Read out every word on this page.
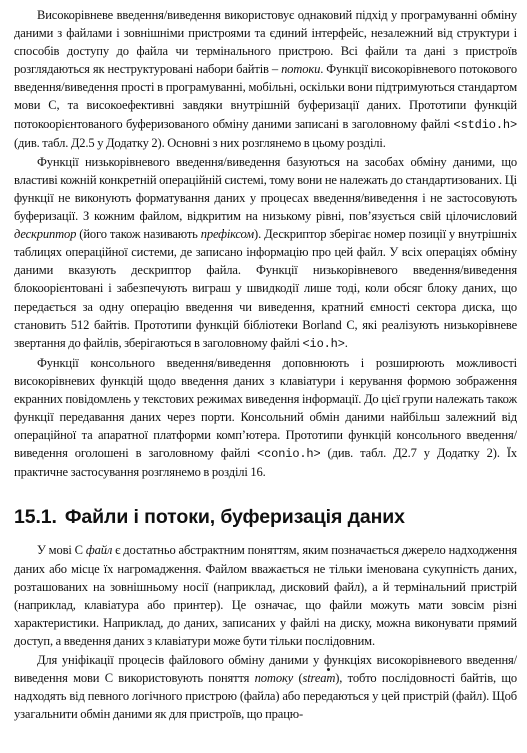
Високорівневе введення/виведення використовує однаковий підхід у програмуванні обміну даними з файлами і зовнішніми пристроями та єдиний інтерфейс, незалежний від структури і способів доступу до файла чи термінального пристрою. Всі файли та дані з пристроїв розглядаються як неструктуровані набори байтів – потоки. Функції високорівневого потокового введення/виведення прості в програмуванні, мобільні, оскільки вони підтримуються стандартом мови С, та високоефективні завдяки внутрішній буферизації даних. Прототипи функцій потокоорієнтованого буферизованого обміну даними записані в заголовному файлі <stdio.h> (див. табл. Д2.5 у Додатку 2). Основні з них розглянемо в цьому розділі.

Функції низькорівневого введення/виведення базуються на засобах обміну даними, що властиві кожній конкретній операційній системі, тому вони не належать до стандартизованих. Ці функції не виконують форматування даних у процесах введення/виведення і не застосовують буферизації. З кожним файлом, відкритим на низькому рівні, пов’язується свій цілочисловий дескриптор (його також називають префіксом). Дескриптор зберігає номер позиції у внутрішніх таблицях операційної системи, де записано інформацію про цей файл. У всіх операціях обміну даними вказують дескриптор файла. Функції низькорівневого введення/виведення блокоорієнтовані і забезпечують виграш у швидкодії лише тоді, коли обсяг блоку даних, що передається за одну операцію введення чи виведення, кратний ємності сектора диска, що становить 512 байтів. Прототипи функцій бібліотеки Borland C, які реалізують низькорівневе звертання до файлів, зберігаються в заголовному файлі <io.h>.

Функції консольного введення/виведення доповнюють і розширюють можливості високорівневих функцій щодо введення даних з клавіатури і керування формою зображення екранних повідомлень у текстових режимах виведення інформації. До цієї групи належать також функції передавання даних через порти. Консольний обмін даними найбільш залежний від операційної та апаратної платформи комп’ютера. Прототипи функцій консольного введення/виведення оголошені в заголовному файлі <conio.h> (див. табл. Д2.7 у Додатку 2). Їх практичне застосування розглянемо в розділі 16.

15.1. Файли і потоки, буферизація даних

У мові С файл є достатньо абстрактним поняттям, яким позначається джерело надходження даних або місце їх нагромадження. Файлом вважається не тільки іменована сукупність даних, розташованих на зовнішньому носії (наприклад, дисковий файл), а й термінальний пристрій (наприклад, клавіатура або принтер). Це означає, що файли можуть мати зовсім різні характеристики. Наприклад, до даних, записаних у файлі на диску, можна виконувати прямий доступ, а введення даних з клавіатури може бути тільки послідовним.

Для уніфікації процесів файлового обміну даними у функціях високорівневого введення/виведення мови С використовують поняття потоку (stream), тобто послідовності байтів, що надходять від певного логічного пристрою (файла) або передаються у цей пристрій (файл). Щоб узагальнити обмін даними як для пристроїв, що працю-
